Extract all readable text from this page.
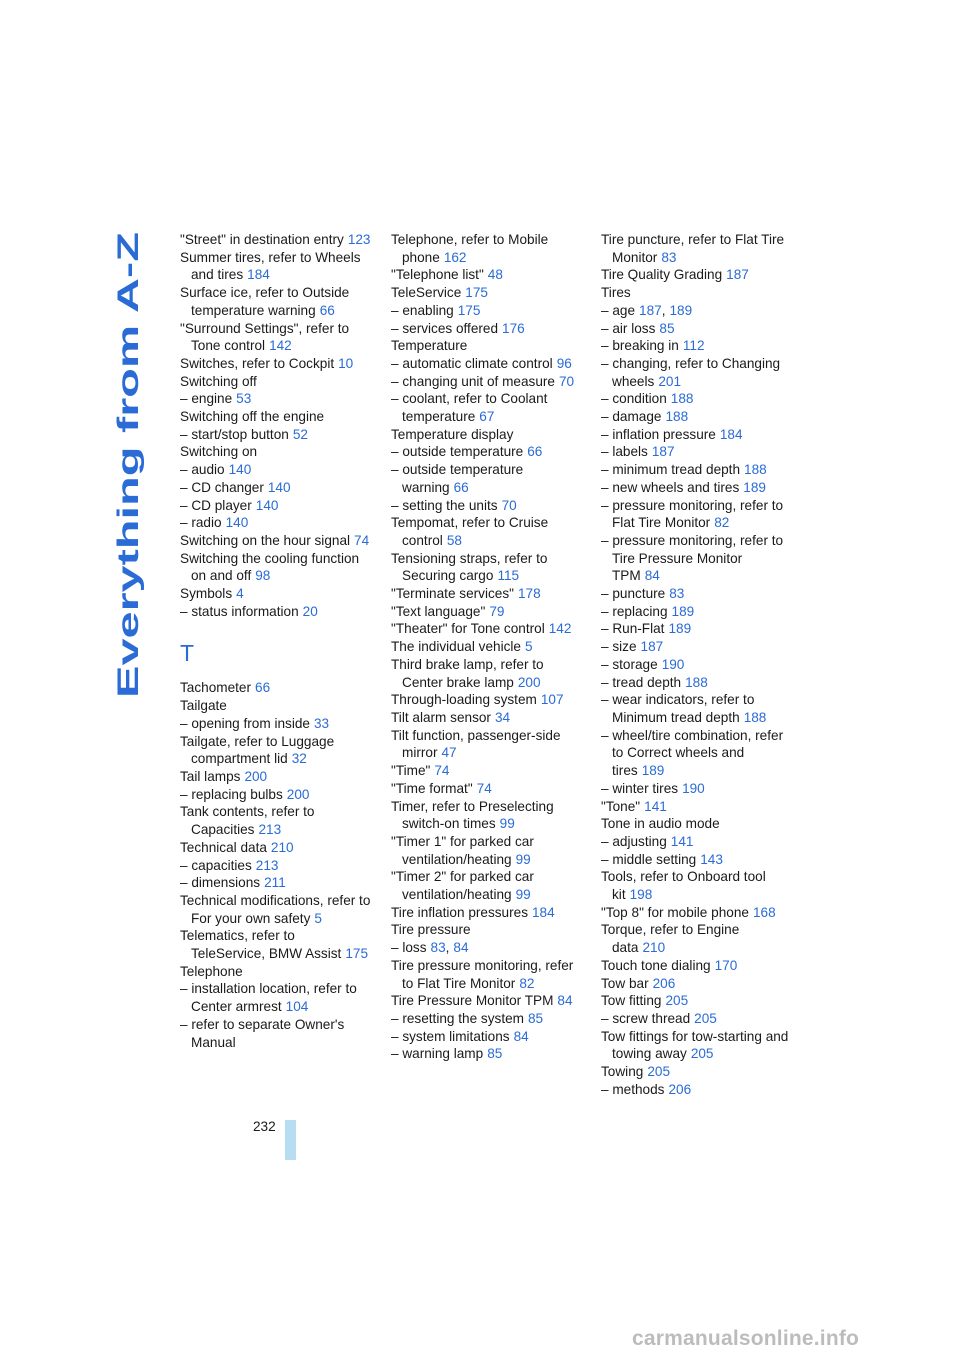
Everything from A-Z
"Street" in destination entry 123
Summer tires, refer to Wheels and tires 184
Surface ice, refer to Outside temperature warning 66
"Surround Settings", refer to Tone control 142
Switches, refer to Cockpit 10
Switching off
– engine 53
Switching off the engine
– start/stop button 52
Switching on
– audio 140
– CD changer 140
– CD player 140
– radio 140
Switching on the hour signal 74
Switching the cooling function on and off 98
Symbols 4
– status information 20
T
Tachometer 66
Tailgate
– opening from inside 33
Tailgate, refer to Luggage compartment lid 32
Tail lamps 200
– replacing bulbs 200
Tank contents, refer to Capacities 213
Technical data 210
– capacities 213
– dimensions 211
Technical modifications, refer to For your own safety 5
Telematics, refer to TeleService, BMW Assist 175
Telephone
– installation location, refer to Center armrest 104
– refer to separate Owner's Manual
Telephone, refer to Mobile phone 162
"Telephone list" 48
TeleService 175
– enabling 175
– services offered 176
Temperature
– automatic climate control 96
– changing unit of measure 70
– coolant, refer to Coolant temperature 67
Temperature display
– outside temperature 66
– outside temperature warning 66
– setting the units 70
Tempomat, refer to Cruise control 58
Tensioning straps, refer to Securing cargo 115
"Terminate services" 178
"Text language" 79
"Theater" for Tone control 142
The individual vehicle 5
Third brake lamp, refer to Center brake lamp 200
Through-loading system 107
Tilt alarm sensor 34
Tilt function, passenger-side mirror 47
"Time" 74
"Time format" 74
Timer, refer to Preselecting switch-on times 99
"Timer 1" for parked car ventilation/heating 99
"Timer 2" for parked car ventilation/heating 99
Tire inflation pressures 184
Tire pressure
– loss 83, 84
Tire pressure monitoring, refer to Flat Tire Monitor 82
Tire Pressure Monitor TPM 84
– resetting the system 85
– system limitations 84
– warning lamp 85
Tire puncture, refer to Flat Tire Monitor 83
Tire Quality Grading 187
Tires
– age 187, 189
– air loss 85
– breaking in 112
– changing, refer to Changing wheels 201
– condition 188
– damage 188
– inflation pressure 184
– labels 187
– minimum tread depth 188
– new wheels and tires 189
– pressure monitoring, refer to Flat Tire Monitor 82
– pressure monitoring, refer to Tire Pressure Monitor TPM 84
– puncture 83
– replacing 189
– Run-Flat 189
– size 187
– storage 190
– tread depth 188
– wear indicators, refer to Minimum tread depth 188
– wheel/tire combination, refer to Correct wheels and tires 189
– winter tires 190
"Tone" 141
Tone in audio mode
– adjusting 141
– middle setting 143
Tools, refer to Onboard tool kit 198
"Top 8" for mobile phone 168
Torque, refer to Engine data 210
Touch tone dialing 170
Tow bar 206
Tow fitting 205
– screw thread 205
Tow fittings for tow-starting and towing away 205
Towing 205
– methods 206
232
carmanualsonline.info
